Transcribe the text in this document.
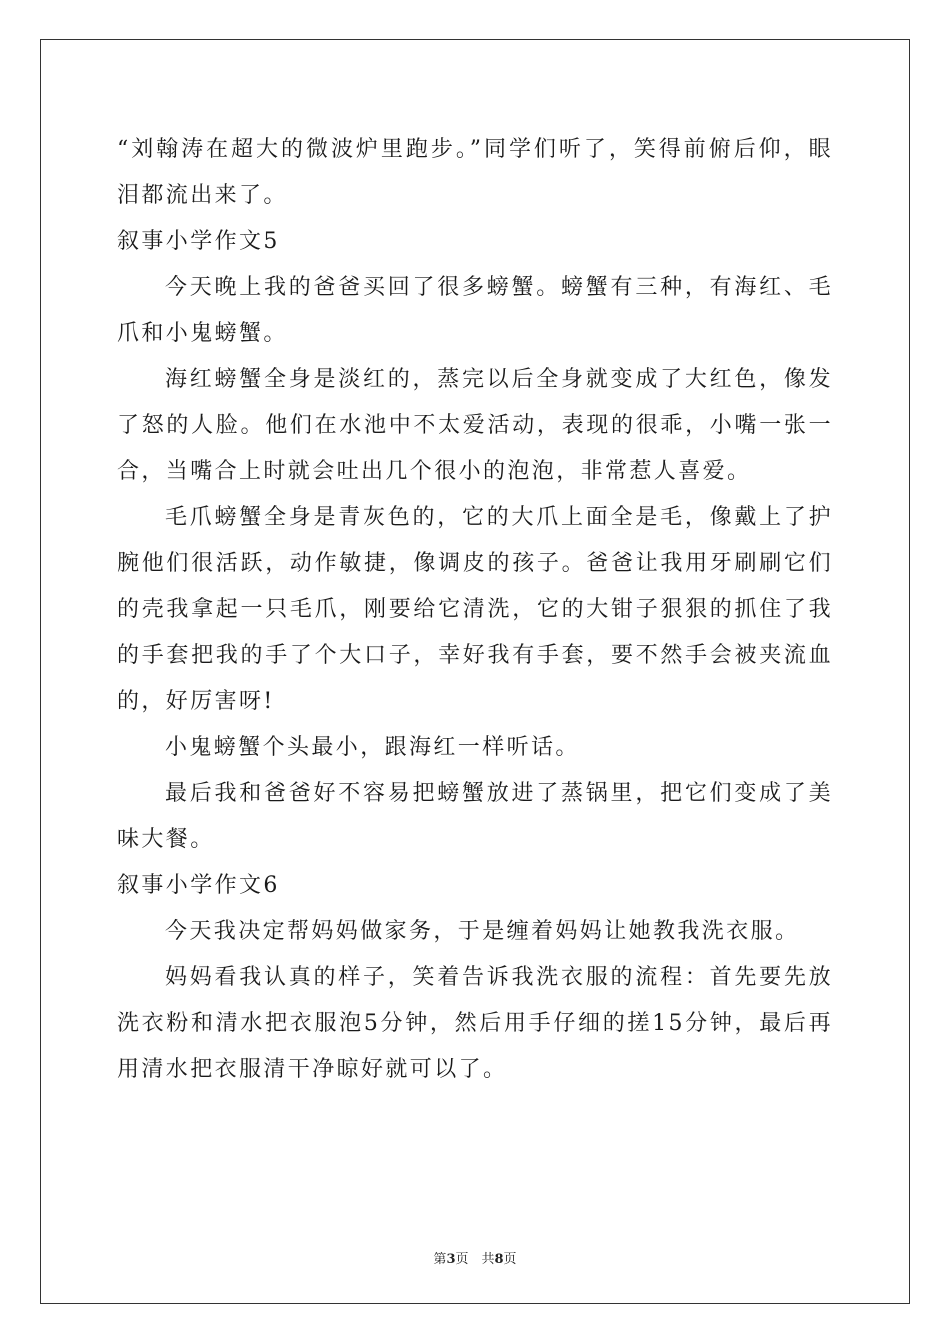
“刘翰涛在超大的微波炉里跑步。”同学们听了，笑得前俯后仰，眼泪都流出来了。

叙事小学作文5

今天晚上我的爸爸买回了很多螃蟹。螃蟹有三种，有海红、毛爪和小鬼螃蟹。

海红螃蟹全身是淡红的，蒸完以后全身就变成了大红色，像发了怒的人脸。他们在水池中不太爱活动，表现的很乖，小嘴一张一合，当嘴合上时就会吐出几个很小的泡泡，非常惹人喜爱。

毛爪螃蟹全身是青灰色的，它的大爪上面全是毛，像戴上了护腕他们很活跃，动作敏捷，像调皮的孩子。爸爸让我用牙刷刷它们的壳我拿起一只毛爪，刚要给它清洗，它的大钳子狠狠的抓住了我的手套把我的手了个大口子，幸好我有手套，要不然手会被夹流血的，好厉害呀!

小鬼螃蟹个头最小，跟海红一样听话。

最后我和爸爸好不容易把螃蟹放进了蒸锅里，把它们变成了美味大餐。

叙事小学作文6

今天我决定帮妈妈做家务，于是缠着妈妈让她教我洗衣服。

妈妈看我认真的样子，笑着告诉我洗衣服的流程：首先要先放洗衣粉和清水把衣服泡5分钟，然后用手仔细的搓15分钟，最后再用清水把衣服清干净晾好就可以了。

第3页　共8页
